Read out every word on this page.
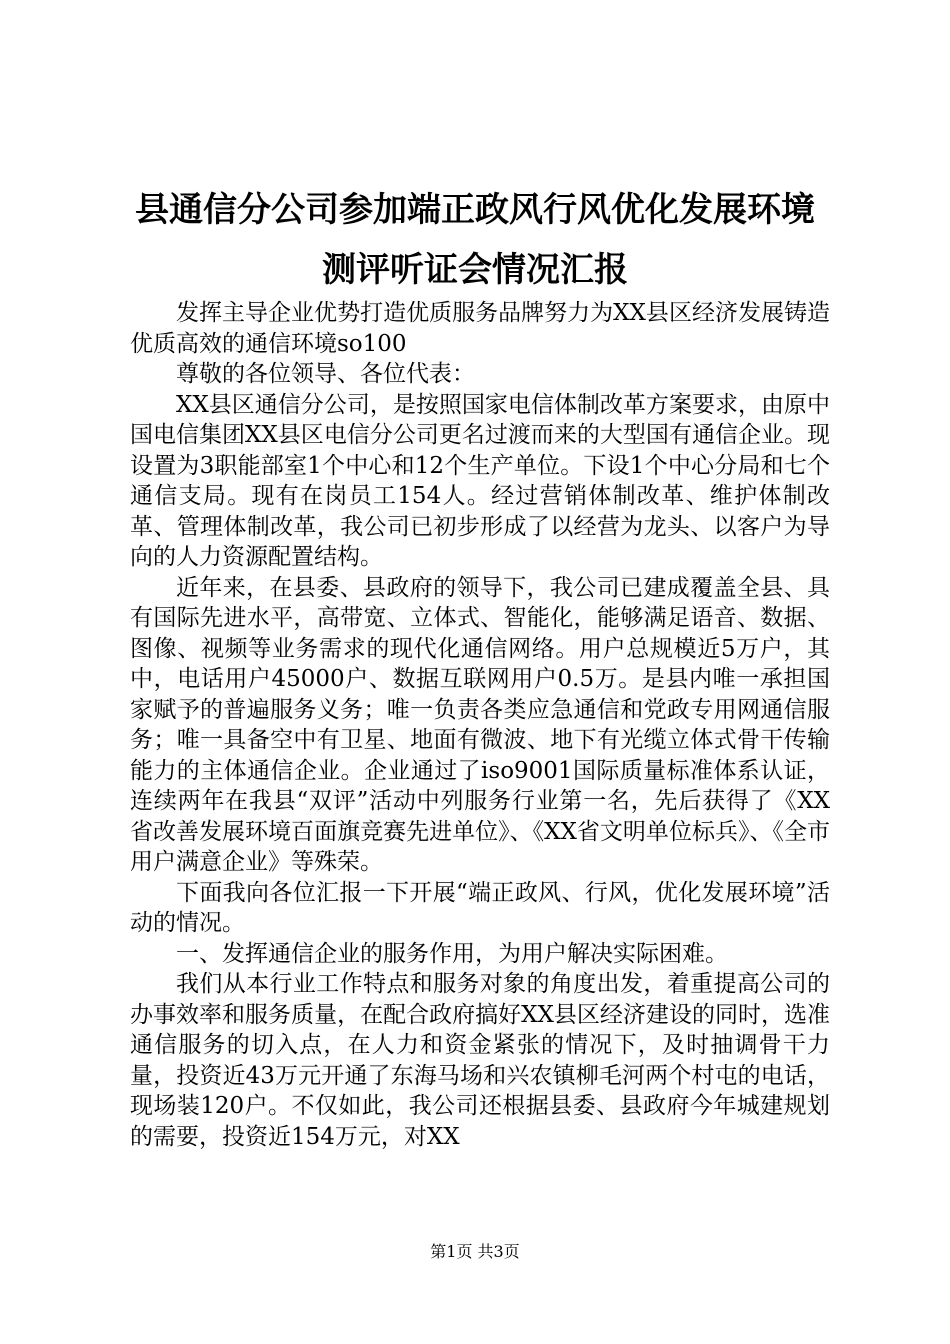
县通信分公司参加端正政风行风优化发展环境
测评听证会情况汇报

发挥主导企业优势打造优质服务品牌努力为XX县区经济发展铸造优质高效的通信环境so100

尊敬的各位领导、各位代表：

XX县区通信分公司，是按照国家电信体制改革方案要求，由原中国电信集团XX县区电信分公司更名过渡而来的大型国有通信企业。现设置为3职能部室1个中心和12个生产单位。下设1个中心分局和七个通信支局。现有在岗员工154人。经过营销体制改革、维护体制改革、管理体制改革，我公司已初步形成了以经营为龙头、以客户为导向的人力资源配置结构。

近年来，在县委、县政府的领导下，我公司已建成覆盖全县、具有国际先进水平，高带宽、立体式、智能化，能够满足语音、数据、图像、视频等业务需求的现代化通信网络。用户总规模近5万户，其中，电话用户45000户、数据互联网用户0.5万。是县内唯一承担国家赋予的普遍服务义务；唯一负责各类应急通信和党政专用网通信服务；唯一具备空中有卫星、地面有微波、地下有光缆立体式骨干传输能力的主体通信企业。企业通过了iso9001国际质量标准体系认证，连续两年在我县“双评”活动中列服务行业第一名，先后获得了《XX省改善发展环境百面旗竞赛先进单位》、《XX省文明单位标兵》、《全市用户满意企业》等殊荣。

下面我向各位汇报一下开展“端正政风、行风，优化发展环境”活动的情况。

一、发挥通信企业的服务作用，为用户解决实际困难。

我们从本行业工作特点和服务对象的角度出发，着重提高公司的办事效率和服务质量，在配合政府搞好XX县区经济建设的同时，选准通信服务的切入点，在人力和资金紧张的情况下，及时抽调骨干力量，投资近43万元开通了东海马场和兴农镇柳毛河两个村屯的电话，现场装120户。不仅如此，我公司还根据县委、县政府今年城建规划的需要，投资近154万元，对XX

第1页 共3页
